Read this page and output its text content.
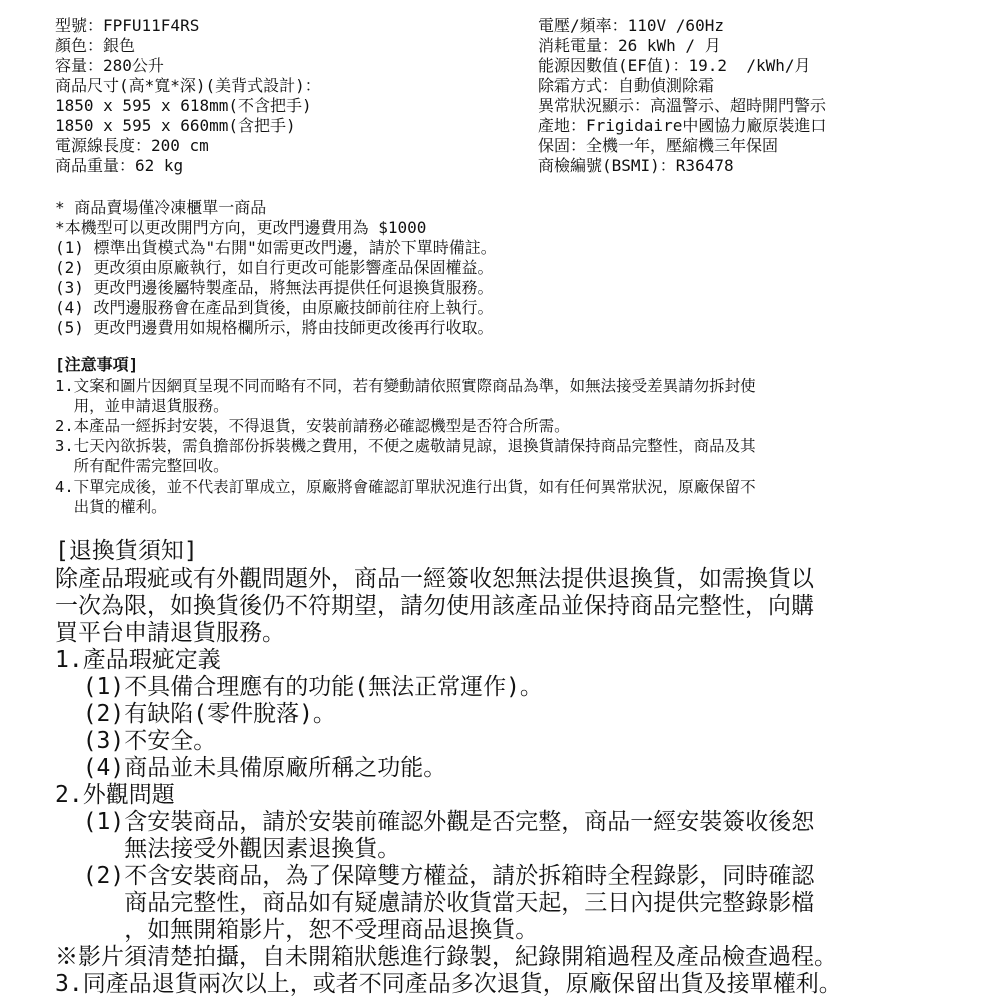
型號：FPFU11F4RS
顏色：銀色
容量：280公升
商品尺寸(高*寬*深)(美背式設計)：
1850 x 595 x 618mm(不含把手)
1850 x 595 x 660mm(含把手)
電源線長度：200 cm
商品重量：62 kg
電壓/頻率：110V /60Hz
消耗電量：26 kWh / 月
能源因數值(EF值)：19.2  /kWh/月
除霜方式：自動偵測除霜
異常狀況顯示：高溫警示、超時開門警示
產地：Frigidaire中國協力廠原裝進口
保固：全機一年，壓縮機三年保固
商檢編號(BSMI)：R36478
* 商品賣場僅冷凍櫃單一商品
*本機型可以更改開門方向，更改門邊費用為 $1000
(1) 標準出貨模式為"右開"如需更改門邊，請於下單時備註。
(2) 更改須由原廠執行，如自行更改可能影響產品保固權益。
(3) 更改門邊後屬特製產品，將無法再提供任何退換貨服務。
(4) 改門邊服務會在產品到貨後，由原廠技師前往府上執行。
(5) 更改門邊費用如規格欄所示，將由技師更改後再行收取。
[注意事項]
1.文案和圖片因網頁呈現不同而略有不同，若有變動請依照實際商品為準，如無法接受差異請勿拆封使
用，並申請退貨服務。
2.本產品一經拆封安裝，不得退貨，安裝前請務必確認機型是否符合所需。
3.七天內欲拆裝，需負擔部份拆裝機之費用，不便之處敬請見諒，退換貨請保持商品完整性，商品及其
所有配件需完整回收。
4.下單完成後，並不代表訂單成立，原廠將會確認訂單狀況進行出貨，如有任何異常狀況，原廠保留不
出貨的權利。
[退換貨須知]
除產品瑕疵或有外觀問題外，商品一經簽收恕無法提供退換貨，如需換貨以
一次為限，如換貨後仍不符期望，請勿使用該產品並保持商品完整性，向購
買平台申請退貨服務。
1.產品瑕疵定義
(1)不具備合理應有的功能(無法正常運作)。
(2)有缺陷(零件脫落)。
(3)不安全。
(4)商品並未具備原廠所稱之功能。
2.外觀問題
(1)含安裝商品，請於安裝前確認外觀是否完整，商品一經安裝簽收後恕
無法接受外觀因素退換貨。
(2)不含安裝商品，為了保障雙方權益，請於拆箱時全程錄影，同時確認
商品完整性，商品如有疑慮請於收貨當天起，三日內提供完整錄影檔
，如無開箱影片，恕不受理商品退換貨。
※影片須清楚拍攝，自未開箱狀態進行錄製，紀錄開箱過程及產品檢查過程。
3.同產品退貨兩次以上，或者不同產品多次退貨，原廠保留出貨及接單權利。
